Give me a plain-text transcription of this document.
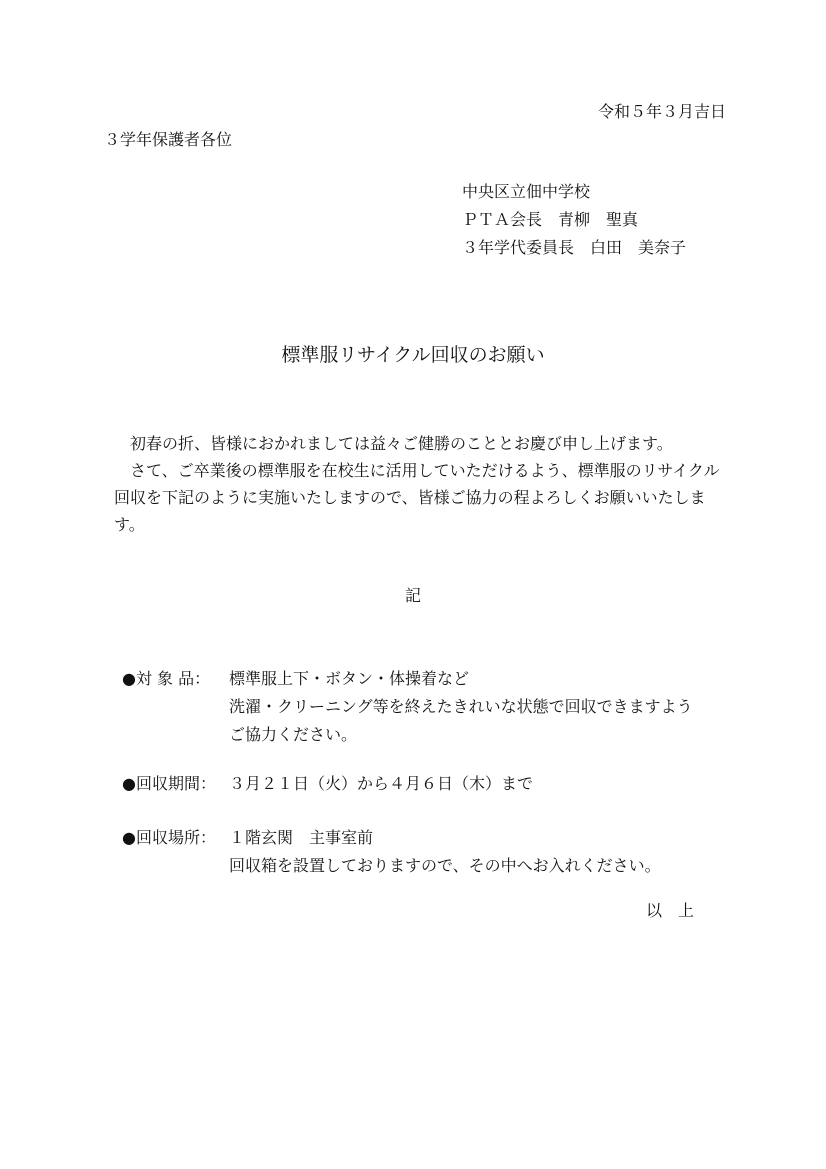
令和５年３月吉日
３学年保護者各位
中央区立佃中学校
ＰＴＡ会長　青柳　聖真
３年学代委員長　白田　美奈子
標準服リサイクル回収のお願い

初春の折、皆様におかれましては益々ご健勝のこととお慶び申し上げます。

さて、ご卒業後の標準服を在校生に活用していただけるよう、標準服のリサイクル回収を下記のように実施いたしますので、皆様ご協力の程よろしくお願いいたします。

記
●対 象 品： 標準服上下・ボタン・体操着など
洗濯・クリーニング等を終えたきれいな状態で回収できますよう
ご協力ください。
●回収期間： ３月２１日（火）から４月６日（木）まで
●回収場所： １階玄関　主事室前
回収箱を設置しておりますので、その中へお入れください。
以　上
